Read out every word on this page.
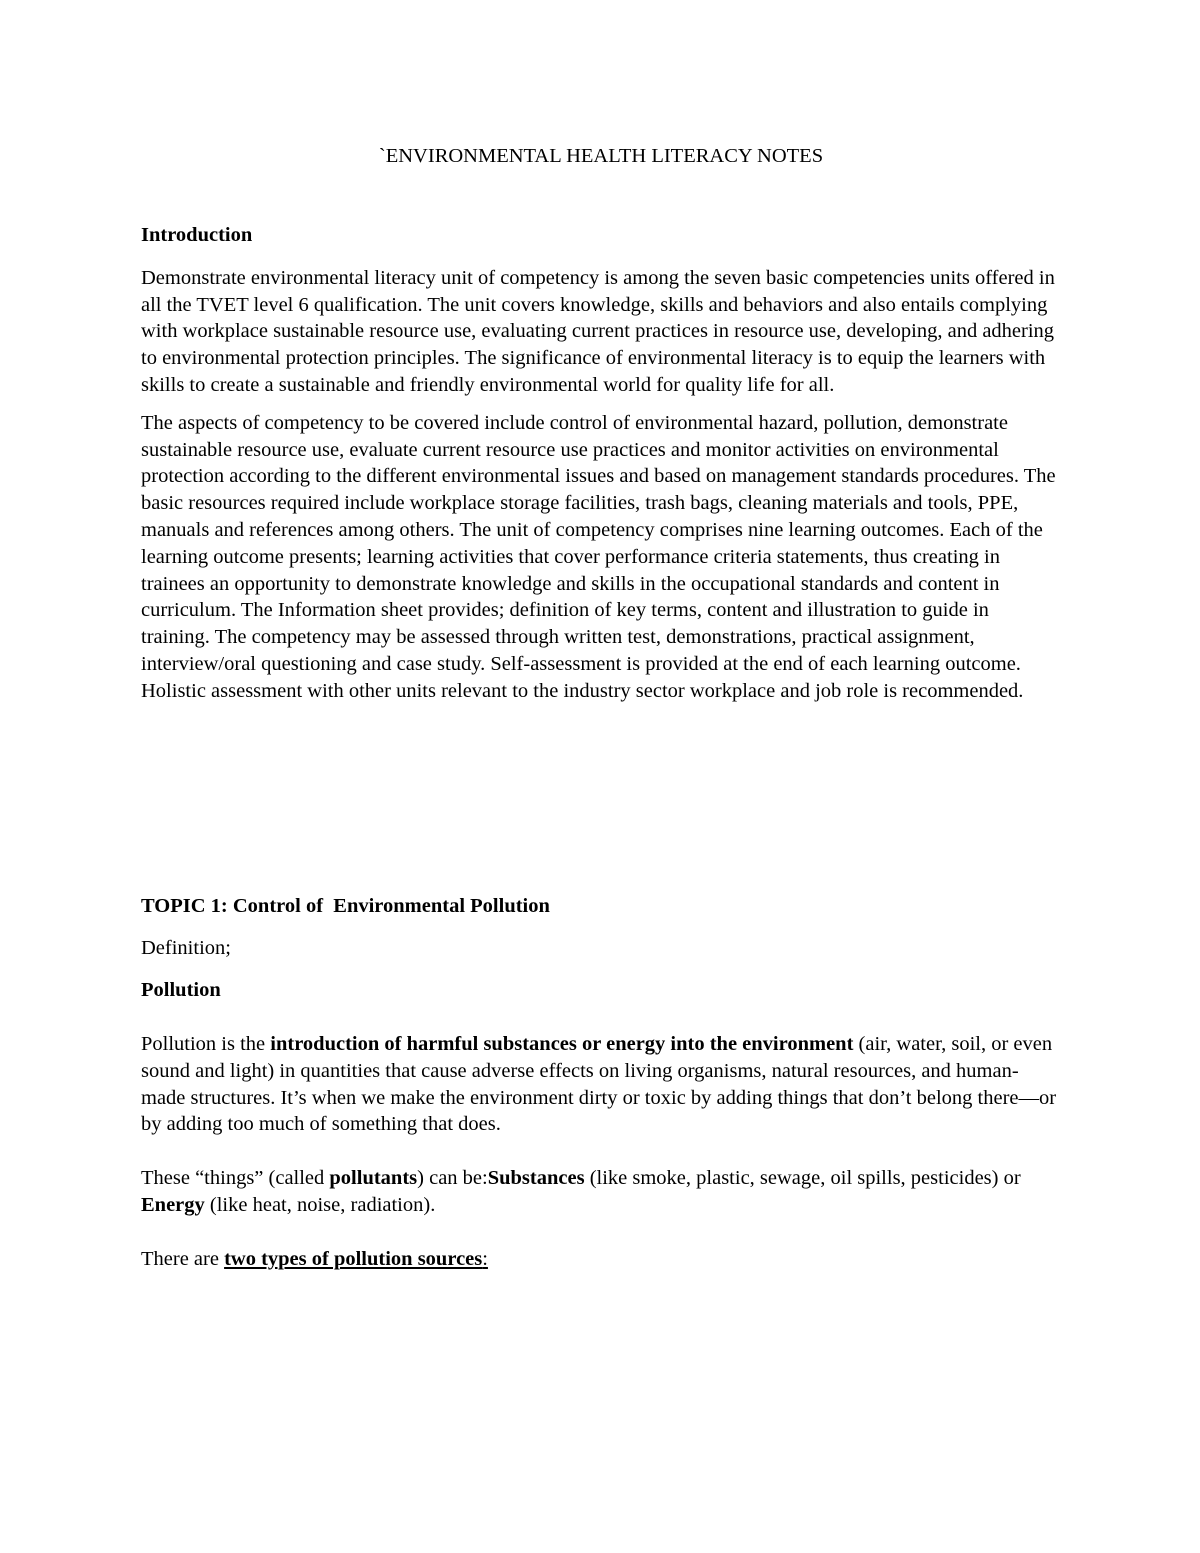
`ENVIRONMENTAL HEALTH LITERACY NOTES

Introduction

Demonstrate environmental literacy unit of competency is among the seven basic competencies units offered in all the TVET level 6 qualification. The unit covers knowledge, skills and behaviors and also entails complying with workplace sustainable resource use, evaluating current practices in resource use, developing, and adhering to environmental protection principles. The significance of environmental literacy is to equip the learners with skills to create a sustainable and friendly environmental world for quality life for all.

The aspects of competency to be covered include control of environmental hazard, pollution, demonstrate sustainable resource use, evaluate current resource use practices and monitor activities on environmental protection according to the different environmental issues and based on management standards procedures. The basic resources required include workplace storage facilities, trash bags, cleaning materials and tools, PPE, manuals and references among others. The unit of competency comprises nine learning outcomes. Each of the learning outcome presents; learning activities that cover performance criteria statements, thus creating in trainees an opportunity to demonstrate knowledge and skills in the occupational standards and content in curriculum. The Information sheet provides; definition of key terms, content and illustration to guide in training. The competency may be assessed through written test, demonstrations, practical assignment, interview/oral questioning and case study. Self-assessment is provided at the end of each learning outcome. Holistic assessment with other units relevant to the industry sector workplace and job role is recommended.

TOPIC 1: Control of  Environmental Pollution

Definition;

Pollution

Pollution is the introduction of harmful substances or energy into the environment (air, water, soil, or even sound and light) in quantities that cause adverse effects on living organisms, natural resources, and human-made structures. It’s when we make the environment dirty or toxic by adding things that don’t belong there—or by adding too much of something that does.

These “things” (called pollutants) can be:Substances (like smoke, plastic, sewage, oil spills, pesticides) or Energy (like heat, noise, radiation).

There are two types of pollution sources:
